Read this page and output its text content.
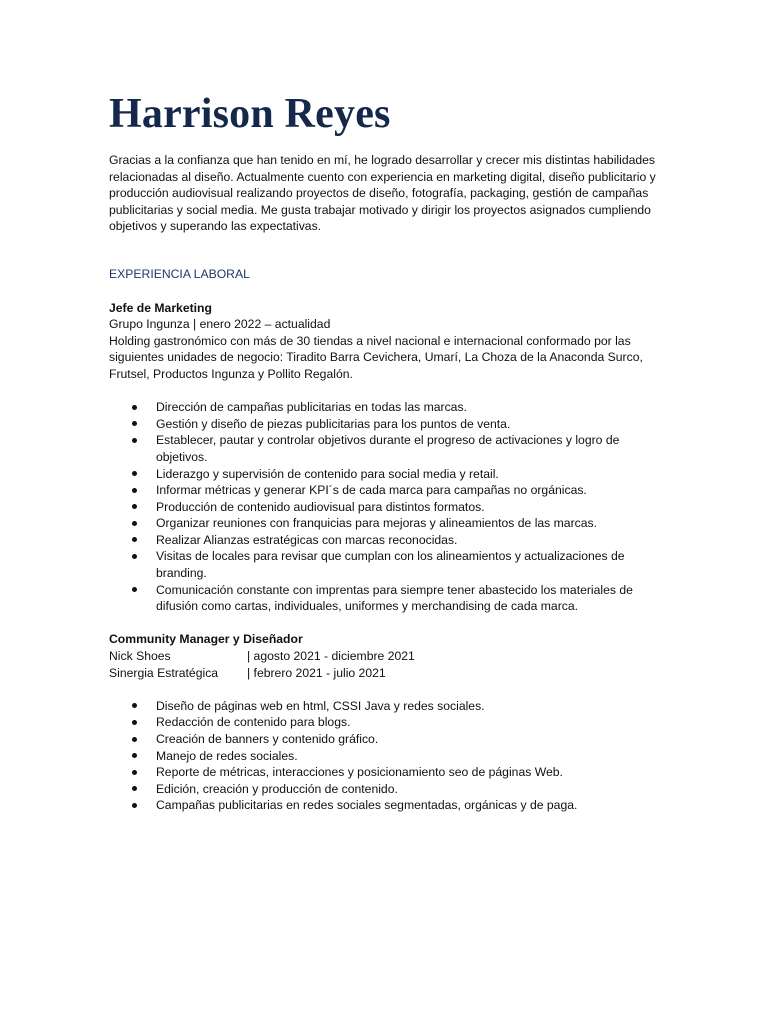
Harrison Reyes

Gracias a la confianza que han tenido en mí, he logrado desarrollar y crecer mis distintas habilidades relacionadas al diseño. Actualmente cuento con experiencia en marketing digital, diseño publicitario y producción audiovisual realizando proyectos de diseño, fotografía, packaging, gestión de campañas publicitarias y social media. Me gusta trabajar motivado y dirigir los proyectos asignados cumpliendo objetivos y superando las expectativas.

EXPERIENCIA LABORAL
Jefe de Marketing
Grupo Ingunza | enero 2022 – actualidad
Holding gastronómico con más de 30 tiendas a nivel nacional e internacional conformado por las siguientes unidades de negocio: Tiradito Barra Cevichera, Umarí, La Choza de la Anaconda Surco, Frutsel, Productos Ingunza y Pollito Regalón.
Dirección de campañas publicitarias en todas las marcas.
Gestión y diseño de piezas publicitarias para los puntos de venta.
Establecer, pautar y controlar objetivos durante el progreso de activaciones y logro de objetivos.
Liderazgo y supervisión de contenido para social media y retail.
Informar métricas y generar KPI´s de cada marca para campañas no orgánicas.
Producción de contenido audiovisual para distintos formatos.
Organizar reuniones con franquicias para mejoras y alineamientos de las marcas.
Realizar Alianzas estratégicas con marcas reconocidas.
Visitas de locales para revisar que cumplan con los alineamientos y actualizaciones de branding.
Comunicación constante con imprentas para siempre tener abastecido los materiales de difusión como cartas, individuales, uniformes y merchandising de cada marca.
Community Manager y Diseñador
Nick Shoes	| agosto 2021 - diciembre 2021
Sinergia Estratégica	| febrero 2021 - julio 2021
Diseño de páginas web en html, CSSI Java y redes sociales.
Redacción de contenido para blogs.
Creación de banners y contenido gráfico.
Manejo de redes sociales.
Reporte de métricas, interacciones y posicionamiento seo de páginas Web.
Edición, creación y producción de contenido.
Campañas publicitarias en redes sociales segmentadas, orgánicas y de paga.
